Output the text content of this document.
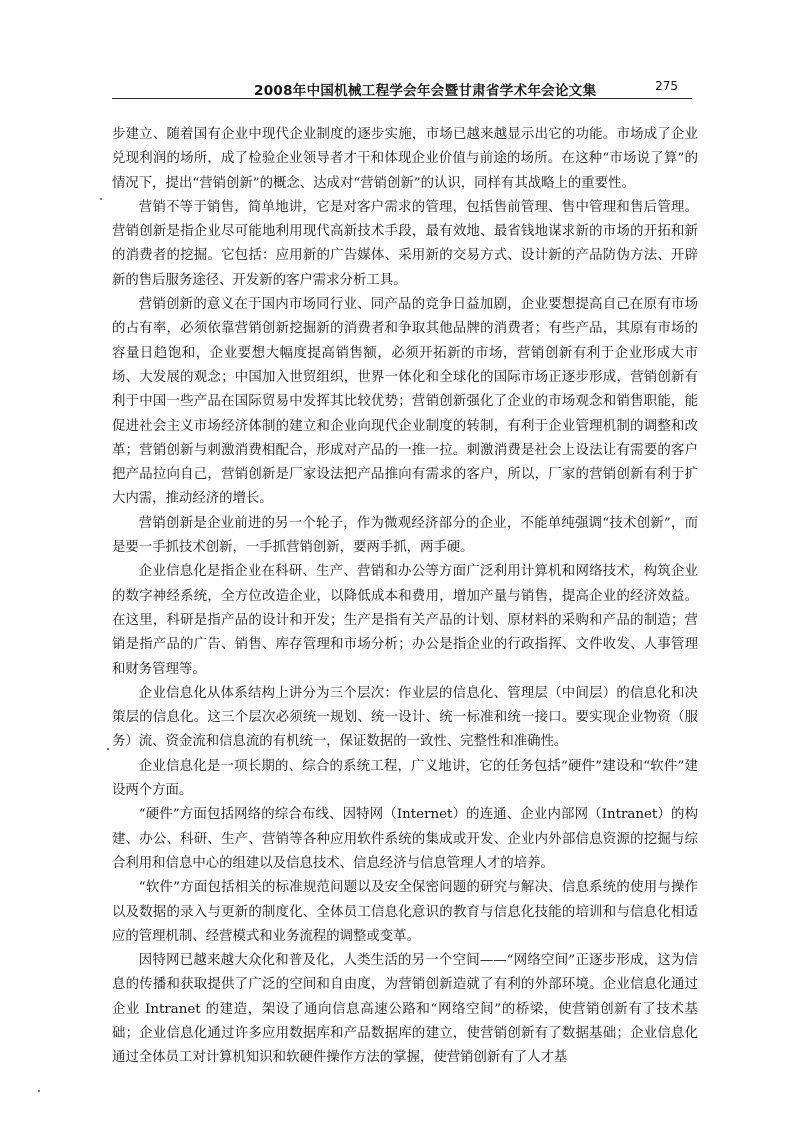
2008年中国机械工程学会年会暨甘肃省学术年会论文集	275

步建立、随着国有企业中现代企业制度的逐步实施，市场已越来越显示出它的功能。市场成了企业兑现利润的场所，成了检验企业领导者才干和体现企业价值与前途的场所。在这种“市场说了算”的情况下，提出“营销创新”的概念、达成对“营销创新”的认识，同样有其战略上的重要性。

营销不等于销售，简单地讲，它是对客户需求的管理，包括售前管理、售中管理和售后管理。营销创新是指企业尽可能地利用现代高新技术手段，最有效地、最省钱地谋求新的市场的开拓和新的消费者的挖掘。它包括：应用新的广告媒体、采用新的交易方式、设计新的产品防伪方法、开辟新的售后服务途径、开发新的客户需求分析工具。

营销创新的意义在于国内市场同行业、同产品的竞争日益加剧，企业要想提高自己在原有市场的占有率，必须依靠营销创新挖掘新的消费者和争取其他品牌的消费者；有些产品，其原有市场的容量日趋饱和，企业要想大幅度提高销售额，必须开拓新的市场，营销创新有利于企业形成大市场、大发展的观念；中国加入世贸组织，世界一体化和全球化的国际市场正逐步形成，营销创新有利于中国一些产品在国际贸易中发挥其比较优势；营销创新强化了企业的市场观念和销售职能，能促进社会主义市场经济体制的建立和企业向现代企业制度的转制，有利于企业管理机制的调整和改革；营销创新与刺激消费相配合，形成对产品的一推一拉。刺激消费是社会上设法让有需要的客户把产品拉向自己，营销创新是厂家设法把产品推向有需求的客户，所以，厂家的营销创新有利于扩大内需，推动经济的增长。

营销创新是企业前进的另一个轮子，作为微观经济部分的企业，不能单纯强调“技术创新”，而是要一手抓技术创新，一手抓营销创新，要两手抓，两手硬。

企业信息化是指企业在科研、生产、营销和办公等方面广泛利用计算机和网络技术，构筑企业的数字神经系统，全方位改造企业，以降低成本和费用，增加产量与销售，提高企业的经济效益。在这里，科研是指产品的设计和开发；生产是指有关产品的计划、原材料的采购和产品的制造；营销是指产品的广告、销售、库存管理和市场分析；办公是指企业的行政指挥、文件收发、人事管理和财务管理等。

企业信息化从体系结构上讲分为三个层次：作业层的信息化、管理层（中间层）的信息化和决策层的信息化。这三个层次必须统一规划、统一设计、统一标准和统一接口。要实现企业物资（服务）流、资金流和信息流的有机统一，保证数据的一致性、完整性和准确性。

企业信息化是一项长期的、综合的系统工程，广义地讲，它的任务包括“硬件”建设和“软件”建设两个方面。

“硬件”方面包括网络的综合布线、因特网（Internet）的连通、企业内部网（Intranet）的构建、办公、科研、生产、营销等各种应用软件系统的集成或开发、企业内外部信息资源的挖掘与综合利用和信息中心的组建以及信息技术、信息经济与信息管理人才的培养。

“软件”方面包括相关的标准规范问题以及安全保密问题的研究与解决、信息系统的使用与操作以及数据的录入与更新的制度化、全体员工信息化意识的教育与信息化技能的培训和与信息化相适应的管理机制、经营模式和业务流程的调整或变革。

因特网已越来越大众化和普及化，人类生活的另一个空间——“网络空间”正逐步形成，这为信息的传播和获取提供了广泛的空间和自由度，为营销创新造就了有利的外部环境。企业信息化通过企业 Intranet 的建造，架设了通向信息高速公路和“网络空间”的桥梁，使营销创新有了技术基础；企业信息化通过许多应用数据库和产品数据库的建立，使营销创新有了数据基础；企业信息化通过全体员工对计算机知识和软硬件操作方法的掌握，使营销创新有了人才基
